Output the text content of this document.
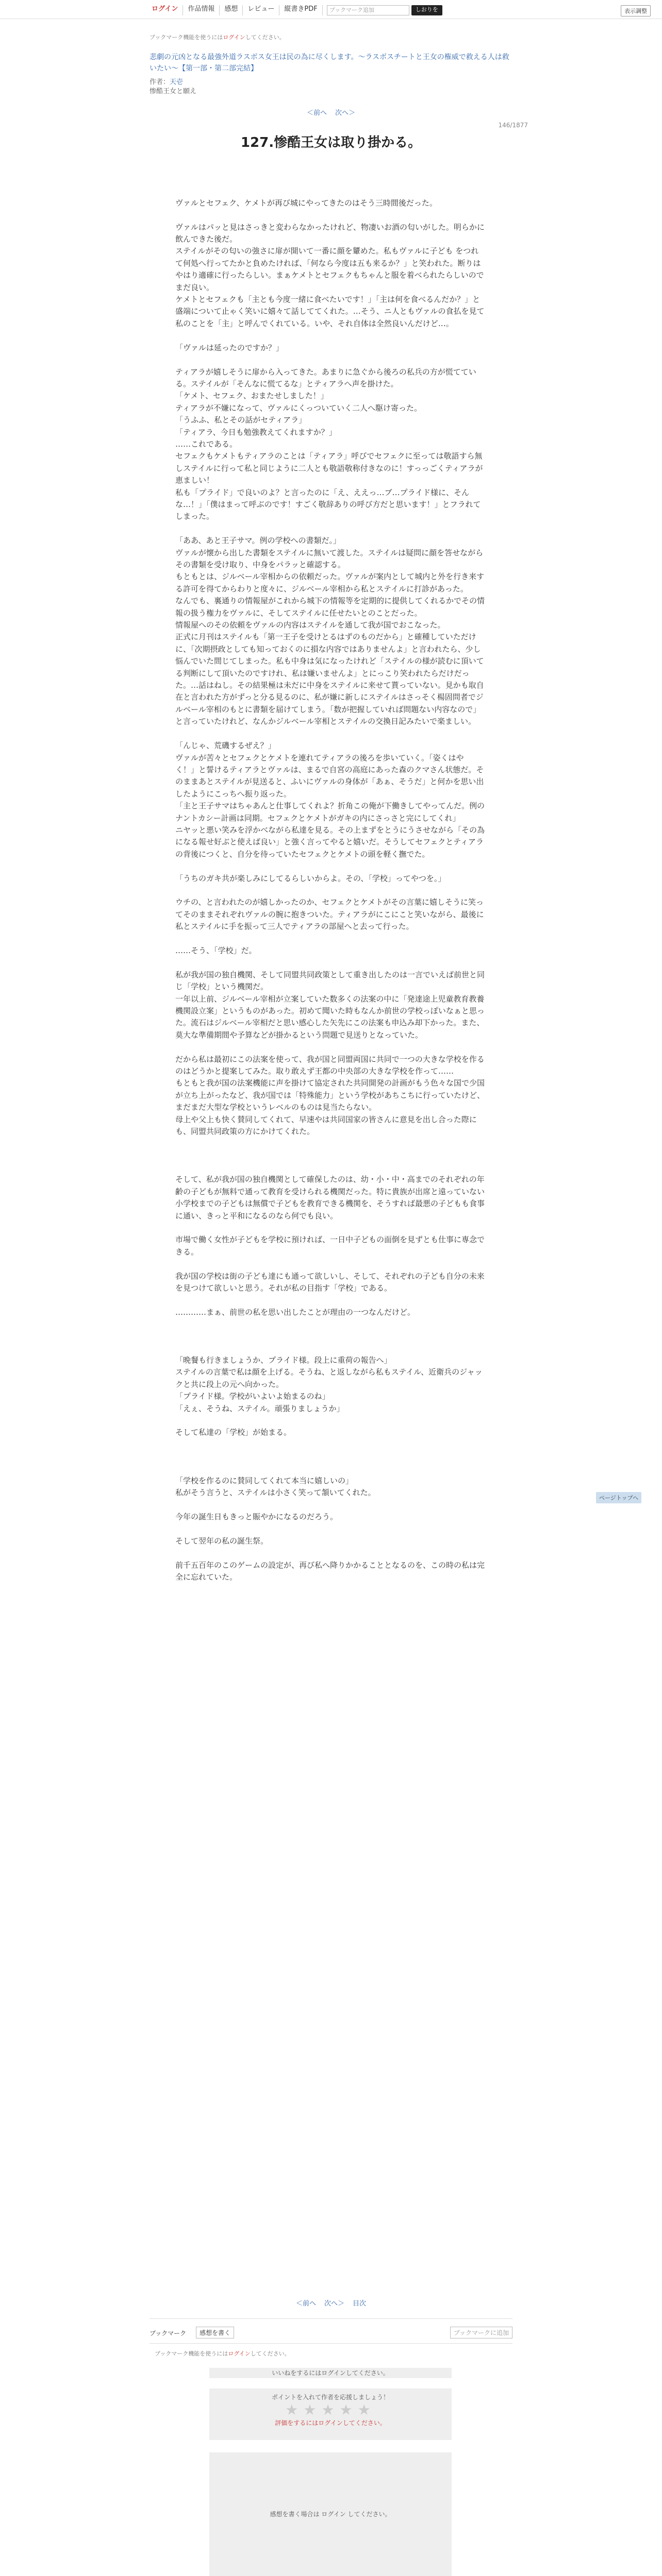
ログイン	作品情報	感想	レビュー	縦書きPDF	ブックマーク追加	しおりを	表示調整
ブックマーク機能を使うにはログインしてください。
悲劇の元凶となる最強外道ラスボス女王は民の為に尽くします。～ラスボスチートと王女の権威で救える人は救いたい～【第一部・第二部完結】
作者：天壱
惨酷王女と願え
＜前へ 次へ＞
146/1877
127.惨酷王女は取り掛かる。

ヴァルとセフェク、ケメトが再び城にやってきたのはそう三時間後だった。

ヴァルはパッと見はさっきと変わらなかったけれど、物凄いお酒の匂いがした。明らかに飲んできた後だ。
ステイルがその匂いの強さに扉が開いて一番に顔を顰めた。私もヴァルに子ども をつれて何処へ行ってたかと負めたければ、「何なら今度は五も来るか？」と笑われた。断りはやはり適確に行ったらしい。まぁケメトとセフェクもちゃんと服を着べられたらしいのでまだ良い。
ケメトとセフェクも「主とも今度一緒に食べたいです！」「主は何を食べるんだか？」と盛端について止ゃく笑いに嬉々て話しててくれた。…そう、ニ人ともヴァルの食払を見て私のことを「主」と呼んでくれている。いや、それ自体は全然良いんだけど…。

「ヴァルは延ったのですか？」

ティアラが嬉しそうに扉から入ってきた。あまりに急ぐから後ろの私兵の方が慌てている。ステイルが「そんなに慌てるな」とティアラへ声を掛けた。
「ケメト、セフェク、おまたせしました！」
ティアラが不嫌になって、ヴァルにくっついていく二人へ駆け寄った。
「うふふ、私とその話がセティアラ」
「ティアラ、今日も勉強教えてくれますか？」
……これである。
セフェクもケメトもティアラのことは「ティアラ」呼びでセフェクに至っては敬語すら無しステイルに行って私と同じように二人とも敬語敬称付きなのに！すっっごくティアラが恵ましい！
私も「プライド」で良いのよ？と言ったのに「え、ええっ…ブ…プライド様に、そんな…！」「僕はまって呼ぶのです！すごく敬辞ありの呼び方だと思います！」とフラれてしまった。

「ああ、あと王子サマ。例の学校への書類だ。」
ヴァルが懐から出した書類をステイルに無いて渡した。ステイルは疑問に顔を答せながらその書類を受け取り、中身をパラッと確認する。
もともとは、ジルベール宰相からの依頼だった。ヴァルが案内として城内と外を行き来する許可を得てからわりと度々に、ジルベール宰相から私とステイルに打診があった。
なんでも、裏通りの情報屋がこれから城下の情報等を定期的に提供してくれるかでその情報の扱う権力をヴァルに、そしてステイルに任せたいとのことだった。
情報屋へのその依頼をヴァルの内容はステイルを通して我が国でおこなった。
正式に月刊はステイルも「第一王子を受けとるはずのものだから」と確種していただけに、「次期摂政としても知っておくのに損な内容ではありませんよ」と言われたら、少し悩んでいた間じてしまった。私も中身は気になったけれど「ステイルの様が読むに頂いてる判断にして頂いたのですけれ、私は嫌いませんよ」とにっこり笑われたらだけだった。…話はねし。その結果極は未だに中身をステイルに来せて貰っていない。見かも取自在と言われた方がずっと分る見るのに、私が嫌に新しにステイルはさっそく楊固問者でジルベール宰相のもとに書類を届けてしまう。「数が把握していれば問題ない内容なので」と言っていたけれど、なんかジルベール宰相とステイルの交換日記みたいで楽ましい。

「んじゃ、荒磯するぜえ？」
ヴァルが苦々とセフェクとケメトを連れてティアラの後ろを歩いていく。「姿くはや く！」と誓けるティアラとヴァルは、まるで自宮の高庭にあった森のクマさん状態だ。そのままあとステイルが見送ると、ふいにヴァルの身体が「あぁ、そうだ」と何かを思い出したようにこっちへ振り返った。
「主と王子サマはちゃあんと仕事してくれよ？折角この俺が下働きしてやってんだ。例のナントカシー計画は同期。セフェクとケメトがガキの内にさっさと完にしてくれ」
ニヤッと悪い笑みを浮かべながら私達を見る。その上まずをとうにうさせながら「その為になる報せ好ぶと使えば良い」と強く言ってやると嬉いだ。そうしてセフェクとティアラの背後につくと、自分を待っていたセフェクとケメトの頭を軽く撫でた。

「うちのガキ共が楽しみにしてるらしいからよ。その、「学校」ってやつを。」

ウチの、と言われたのが嬉しかったのか、セフェクとケメトがその言葉に嬉しそうに笑ってそのままそれぞれヴァルの腕に抱きついた。ティアラがにこにこと笑いながら、最後に私とステイルに手を振って三人でティアラの部屋へと去って行った。

……そう、「学校」だ。

私が我が国の独自機関、そして同盟共同政策として重き出したのは一言でいえば前世と同じ「学校」という機関だ。
一年以上前、ジルベール宰相が立案していた数多くの法案の中に「発達途上児童教育教養機関設立案」というものがあった。初めて聞いた時もなんか前世の学校っぽいなぁと思った。流石はジルベール宰相だと思い感心した矢先にこの法案も申込み却下かった。また、莫大な準備期間や予算などが掛かるという問題で見送りとなっていた。

だから私は最初にこの法案を使って、我が国と同盟両国に共同で一つの大きな学校を作るのはどうかと提案してみた。取り敢えず王都の中央部の大きな学校を作って……
もともと我が国の法案機能に声を掛けて協定された共同開発の計画がもう色々な国で少国が立ち上がったなど、我が国では「特殊能力」という学校があちこちに行っていたけど、まだまだ大型な学校というレベルのものは見当たらない。
母上や父上も快く賛同してくれて、早速やは共同国家の皆さんに意見を出し合った際にも、同盟共同政策の方にかけてくれた。

そして、私が我が国の独自機関として確保したのは、幼・小・中・高までのそれぞれの年齢の子どもが無料で通って教育を受けられる機関だった。特に貴族が出席と遠っていない小学校までの子どもは無償で子どもを教育できる機関を、そうすれば最悪の子どもも食事に通い、きっと平和になるのなら何でも良い。

市場で働く女性が子どもを学校に預ければ、一日中子どもの面倒を見ずとも仕事に専念できる。

我が国の学校は街の子ども達にも通って欲しいし、そして、それぞれの子ども自分の未来を見つけて欲しいと思う。それが私の目指す「学校」である。

…………まぁ、前世の私を思い出したことが理由の一つなんだけど。

「晩餐も行きましょうか、プライド様。段上に重荷の報告へ」
ステイルの言葉で私は顔を上げる。そうね、と返しながら私もステイル、近衛兵のジャックと共に段上の元へ向かった。
「プライド様。学校がいよいよ始まるのね」
「えぇ、そうね、ステイル。頑張りましょうか」

そして私達の「学校」が始まる。

「学校を作るのに賛同してくれて本当に嬉しいの」
私がそう言うと、ステイルは小さく笑って頷いてくれた。

今年の誕生日もきっと賑やかになるのだろう。

そして翌年の私の誕生祭。

前千五百年のこのゲームの設定が、再び私へ降りかかることとなるのを、この時の私は完全に忘れていた。

ページトップへ
＜前へ 次へ＞ 目次
ブックマーク	感想を書く	ブックマークに追加
ブックマーク機能を使うにはログインしてください。
いいねをするにはログインしてください。
ポイントを入れて作者を応援しましょう！
★★★★★
評価をするにはログインしてください。
感想を書く場合は ログイン してください。
